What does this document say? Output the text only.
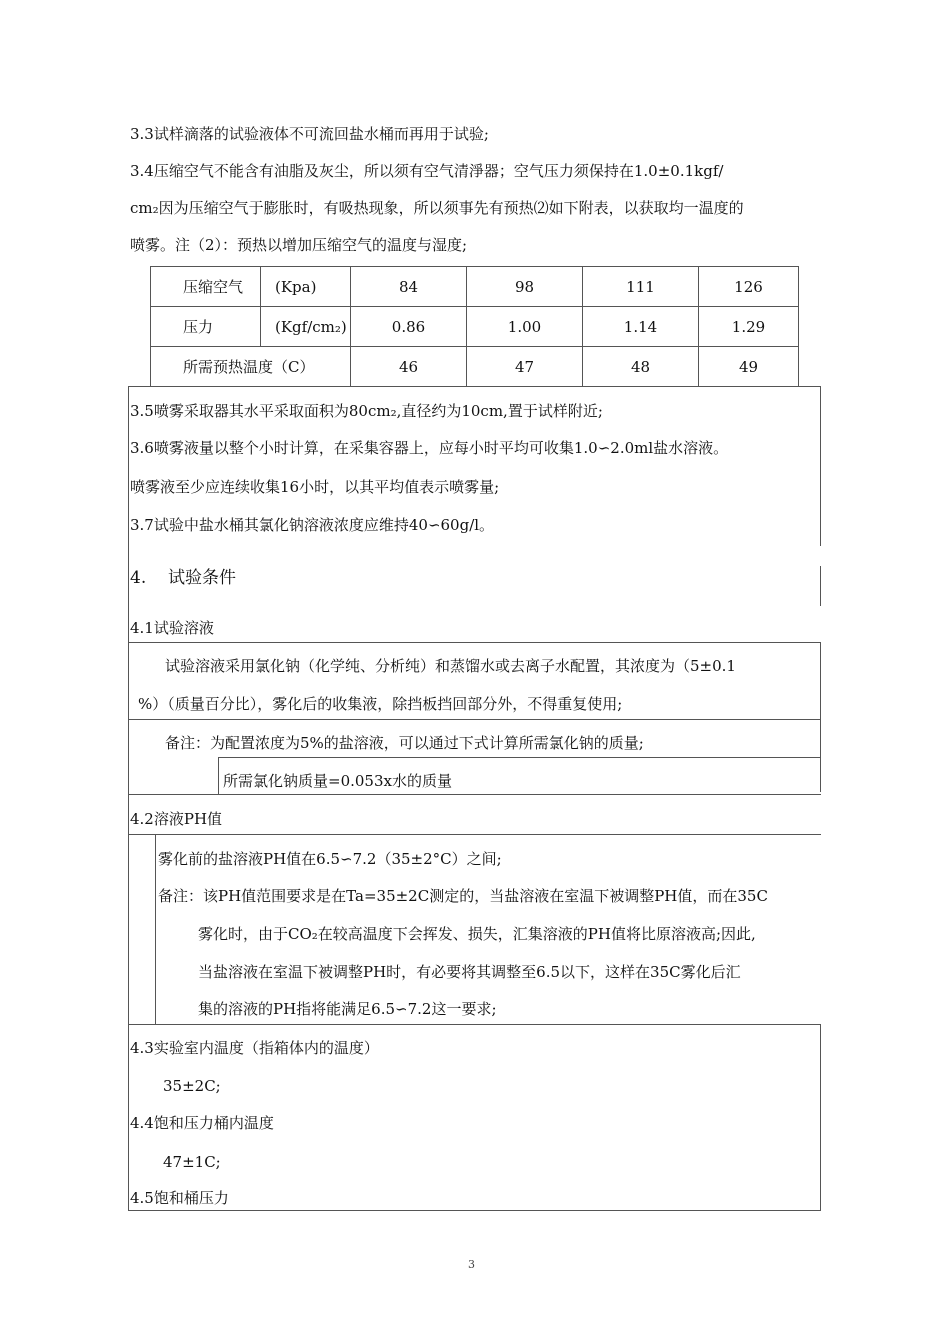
3.3试样滴落的试验液体不可流回盐水桶而再用于试验;
3.4压缩空气不能含有油脂及灰尘，所以须有空气清淨器；空气压力须保持在1.0±0.1kgf/
cm₂因为压缩空气于膨胀时，有吸热现象，所以须事先有预热⑵如下附表，以获取均一温度的
喷雾。注（2）：预热以增加压缩空气的温度与湿度;
压缩空气	(Kpa)	84	98	111	126
压力	(Kgf/cm₂)	0.86	1.00	1.14	1.29
所需预热温度（C）		46	47	48	49
3.5喷雾采取器其水平采取面积为80cm₂,直径约为10cm,置于试样附近;
3.6喷雾液量以整个小时计算，在采集容器上，应每小时平均可收集1.0∽2.0ml盐水溶液。
喷雾液至少应连续收集16小时，以其平均值表示喷雾量;
3.7试验中盐水桶其氯化钠溶液浓度应维持40∽60g/l。
4. 试验条件
4.1试验溶液
试验溶液采用氯化钠（化学纯、分析纯）和蒸馏水或去离子水配置，其浓度为（5±0.1
%）（质量百分比），雾化后的收集液，除挡板挡回部分外，不得重复使用;
备注：为配置浓度为5%的盐溶液，可以通过下式计算所需氯化钠的质量;
所需氯化钠质量=0.053x水的质量
4.2溶液PH值
雾化前的盐溶液PH值在6.5∽7.2（35±2°C）之间;
备注：该PH值范围要求是在Ta=35±2C测定的，当盐溶液在室温下被调整PH值，而在35C
雾化时，由于CO₂在较高温度下会挥发、损失，汇集溶液的PH值将比原溶液高;因此,
当盐溶液在室温下被调整PH时，有必要将其调整至6.5以下，这样在35C雾化后汇
集的溶液的PH指将能满足6.5∽7.2这一要求;
4.3实验室内温度（指箱体内的温度）
35±2C;
4.4饱和压力桶内温度
47±1C;
4.5饱和桶压力
3
